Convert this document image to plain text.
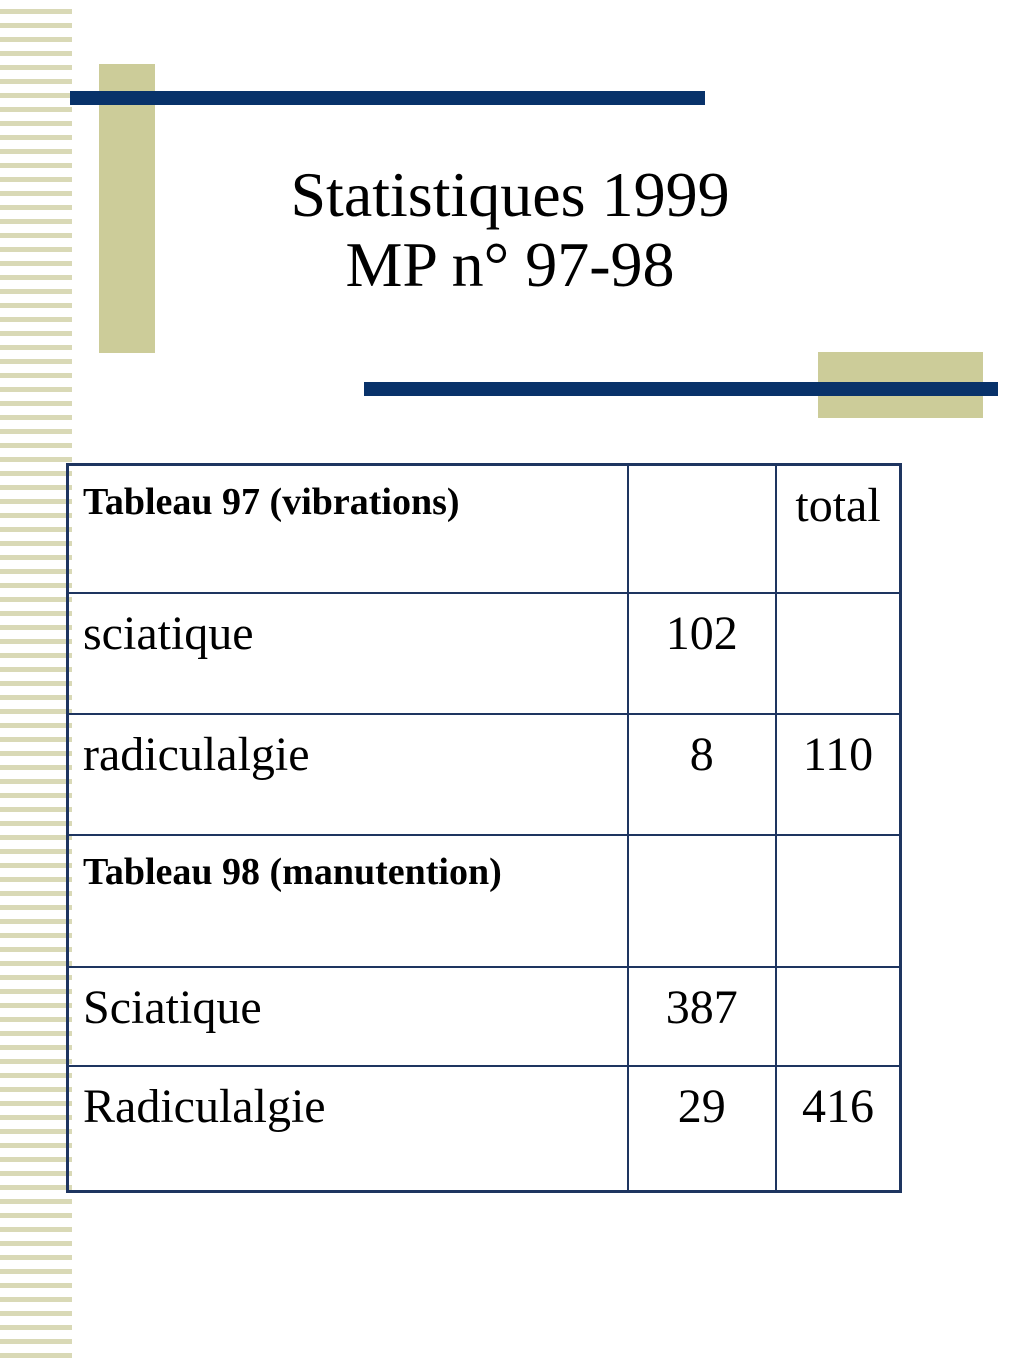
Statistiques 1999
MP n° 97-98
Tableau 97 (vibrations)		total
sciatique	102	
radiculalgie	8	110
Tableau 98 (manutention)		
Sciatique	387	
Radiculalgie	29	416
